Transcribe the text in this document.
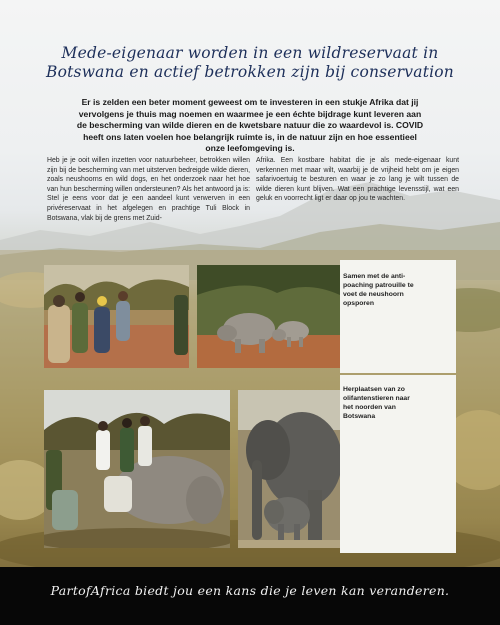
Mede-eigenaar worden in een wildreservaat in
Botswana en actief betrokken zijn bij conservation
Er is zelden een beter moment geweest om te investeren in een stukje Afrika dat jij vervolgens je thuis mag noemen en waarmee je een échte bijdrage kunt leveren aan de bescherming van wilde dieren en de kwetsbare natuur die zo waardevol is. COVID heeft ons laten voelen hoe belangrijk ruimte is, in de natuur zijn en hoe essentieel onze leefomgeving is.
Heb je je ooit willen inzetten voor natuurbeheer, betrokken willen zijn bij de bescherming van met uitsterven bedreigde wilde dieren, zoals neushoorns en wild dogs, en het onderzoek naar het hoe van hun bescherming willen ondersteunen? Als het antwoord ja is: Stel je eens voor dat je een aandeel kunt verwerven in een privéreservaat in het afgelegen en prachtige Tuli Block in Botswana, vlak bij de grens met Zuid-
Afrika. Een kostbare habitat die je als mede-eigenaar kunt verkennen met maar wilt, waarbij je de vrijheid hebt om je eigen safarivoertuig te besturen en waar je zo lang je wilt tussen de wilde dieren kunt blijven. Wat een prachtige levensstijl, wat een geluk en voorrecht ligt er daar op jou te wachten.
Samen met de anti-poaching patrouille te voet de neushoorn opsporen
Herplaatsen van zo olifantenstieren naar het noorden van Botswana
PartofAfrica biedt jou een kans die je leven kan veranderen.
